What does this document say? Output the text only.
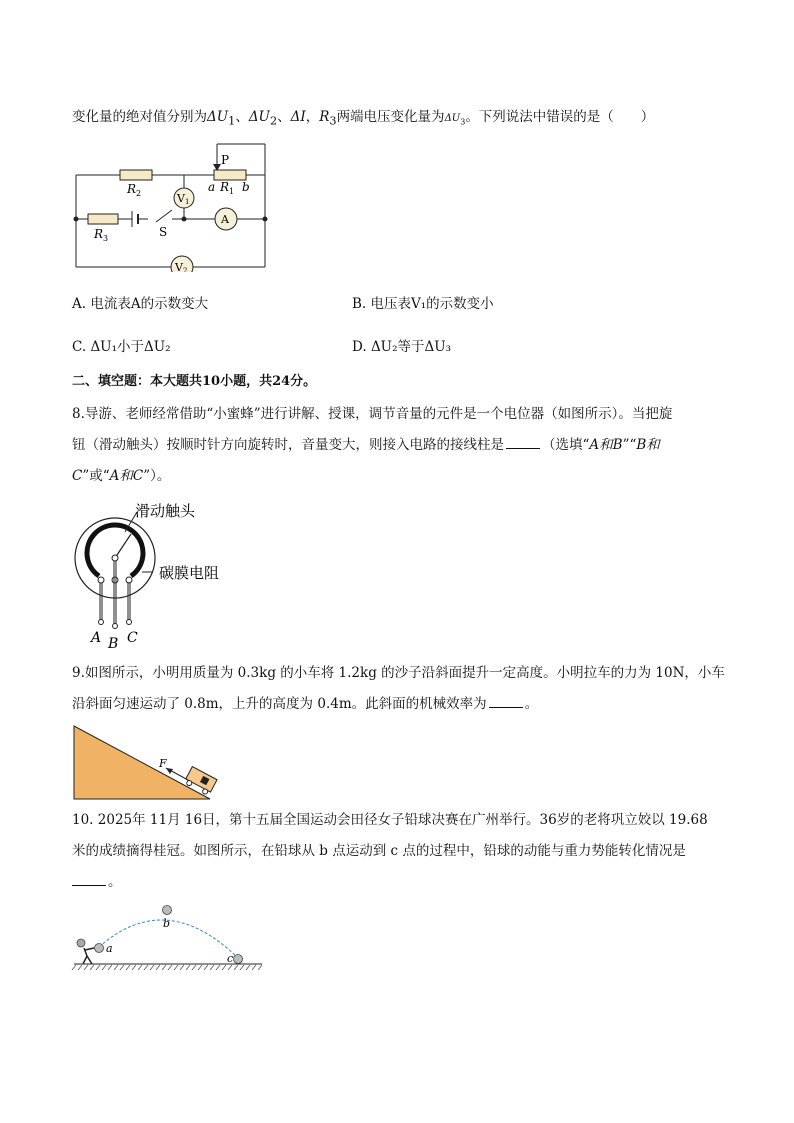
变化量的绝对值分别为$\Delta U_1$、$\Delta U_2$、ΔI，$R_3$两端电压变化量为$\Delta U_3$。下列说法中错误的是（　　）
P
a b
R 1
R 2
R 3	S
V 1
A
V 2
A. 电流表A的示数变大	B. 电压表V₁的示数变小
C. ΔU₁小于ΔU₂	D. ΔU₂等于ΔU₃
二、填空题：本大题共10小题，共24分。
8.导游、老师经常借助“小蜜蜂”进行讲解、授课，调节音量的元件是一个电位器（如图所示）。当把旋
钮（滑动触头）按顺时针方向旋转时，音量变大，则接入电路的接线柱是	（选填“A和B”“B和
C”或“A和C”）。
滑动触头
碳膜电阻
A B C
9.如图所示，小明用质量为 0.3kg 的小车将 1.2kg 的沙子沿斜面提升一定高度。小明拉车的力为 10N，小车
沿斜面匀速运动了 0.8m，上升的高度为 0.4m。此斜面的机械效率为	。
F
10. 2025年 11月 16日，第十五届全国运动会田径女子铅球决赛在广州举行。36岁的老将巩立姣以 19.68
米的成绩摘得桂冠。如图所示，在铅球从 b 点运动到 c 点的过程中，铅球的动能与重力势能转化情况是
。
a
b
c
